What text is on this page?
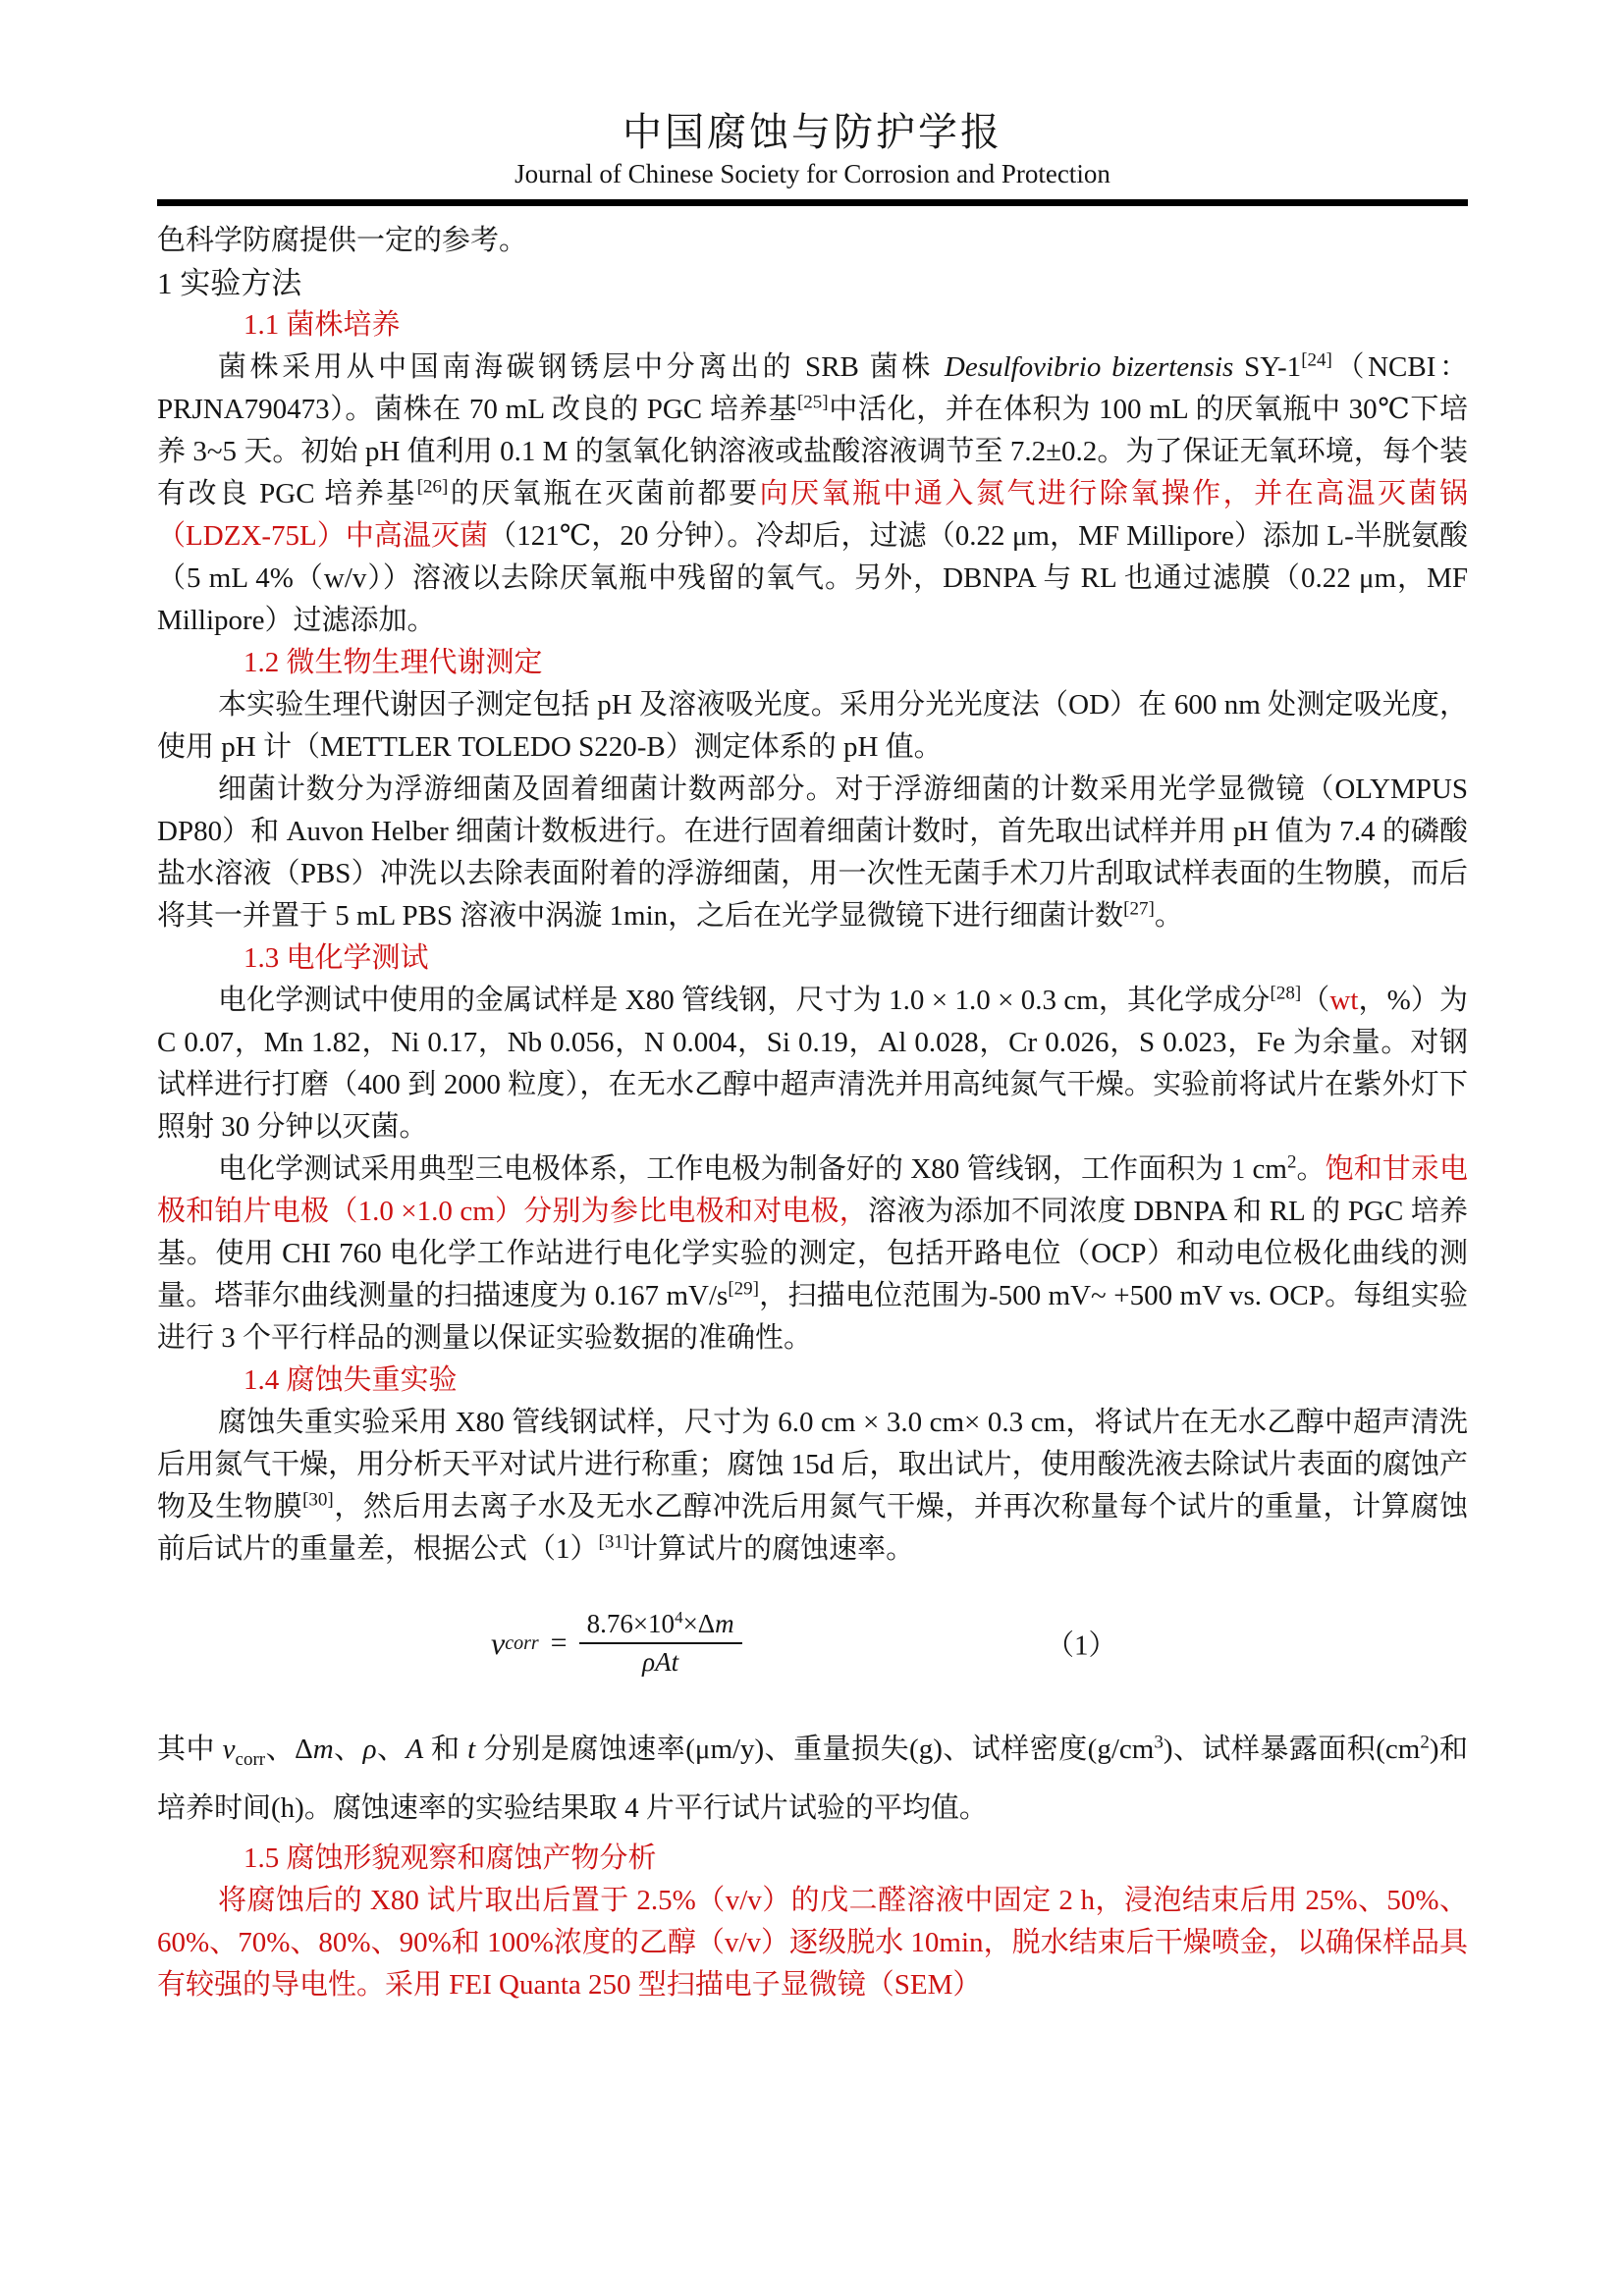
中国腐蚀与防护学报
Journal of Chinese Society for Corrosion and Protection

色科学防腐提供一定的参考。

1 实验方法
1.1 菌株培养

菌株采用从中国南海碳钢锈层中分离出的 SRB 菌株 Desulfovibrio bizertensis SY-1[24]（NCBI：PRJNA790473）。菌株在 70 mL 改良的 PGC 培养基[25]中活化，并在体积为 100 mL 的厌氧瓶中 30℃下培养 3~5 天。初始 pH 值利用 0.1 M 的氢氧化钠溶液或盐酸溶液调节至 7.2±0.2。为了保证无氧环境，每个装有改良 PGC 培养基[26]的厌氧瓶在灭菌前都要向厌氧瓶中通入氮气进行除氧操作，并在高温灭菌锅（LDZX-75L）中高温灭菌（121℃，20 分钟）。冷却后，过滤（0.22 μm，MF Millipore）添加 L-半胱氨酸（5 mL 4%（w/v））溶液以去除厌氧瓶中残留的氧气。另外，DBNPA 与 RL 也通过滤膜（0.22 μm，MF Millipore）过滤添加。

1.2 微生物生理代谢测定

本实验生理代谢因子测定包括 pH 及溶液吸光度。采用分光光度法（OD）在 600 nm 处测定吸光度，使用 pH 计（METTLER TOLEDO S220-B）测定体系的 pH 值。

细菌计数分为浮游细菌及固着细菌计数两部分。对于浮游细菌的计数采用光学显微镜（OLYMPUS DP80）和 Auvon Helber 细菌计数板进行。在进行固着细菌计数时，首先取出试样并用 pH 值为 7.4 的磷酸盐水溶液（PBS）冲洗以去除表面附着的浮游细菌，用一次性无菌手术刀片刮取试样表面的生物膜，而后将其一并置于 5 mL PBS 溶液中涡漩 1min，之后在光学显微镜下进行细菌计数[27]。

1.3 电化学测试

电化学测试中使用的金属试样是 X80 管线钢，尺寸为 1.0 × 1.0 × 0.3 cm，其化学成分[28]（wt，%）为 C 0.07，Mn 1.82，Ni 0.17，Nb 0.056，N 0.004，Si 0.19，Al 0.028，Cr 0.026，S 0.023，Fe 为余量。对钢试样进行打磨（400 到 2000 粒度），在无水乙醇中超声清洗并用高纯氮气干燥。实验前将试片在紫外灯下照射 30 分钟以灭菌。

电化学测试采用典型三电极体系，工作电极为制备好的 X80 管线钢，工作面积为 1 $cm^2$。饱和甘汞电极和铂片电极（1.0 ×1.0 cm）分别为参比电极和对电极，溶液为添加不同浓度 DBNPA 和 RL 的 PGC 培养基。使用 CHI 760 电化学工作站进行电化学实验的测定，包括开路电位（OCP）和动电位极化曲线的测量。塔菲尔曲线测量的扫描速度为 0.167 mV/s[29]，扫描电位范围为-500 mV~ +500 mV vs. OCP。每组实验进行 3 个平行样品的测量以保证实验数据的准确性。

1.4 腐蚀失重实验

腐蚀失重实验采用 X80 管线钢试样，尺寸为 6.0 cm × 3.0 cm× 0.3 cm，将试片在无水乙醇中超声清洗后用氮气干燥，用分析天平对试片进行称重；腐蚀 15d 后，取出试片，使用酸洗液去除试片表面的腐蚀产物及生物膜[30]，然后用去离子水及无水乙醇冲洗后用氮气干燥，并再次称量每个试片的重量，计算腐蚀前后试片的重量差，根据公式（1）[31]计算试片的腐蚀速率。

v corr = $\frac{8.76\times 10^4\times\Delta m}{\text{ρAt}}$	（1）

其中 $v_{corr}$、Δm、ρ、A 和 t 分别是腐蚀速率(μm/y)、重量损失(g)、试样密度$(g/cm^3)$、试样暴露面积$(cm^2)$和培养时间(h)。腐蚀速率的实验结果取 4 片平行试片试验的平均值。

1.5 腐蚀形貌观察和腐蚀产物分析

将腐蚀后的 X80 试片取出后置于 2.5%（v/v）的戊二醛溶液中固定 2 h，浸泡结束后用 25%、50%、60%、70%、80%、90%和 100%浓度的乙醇（v/v）逐级脱水 10min，脱水结束后干燥喷金，以确保样品具有较强的导电性。采用 FEI Quanta 250 型扫描电子显微镜（SEM）
